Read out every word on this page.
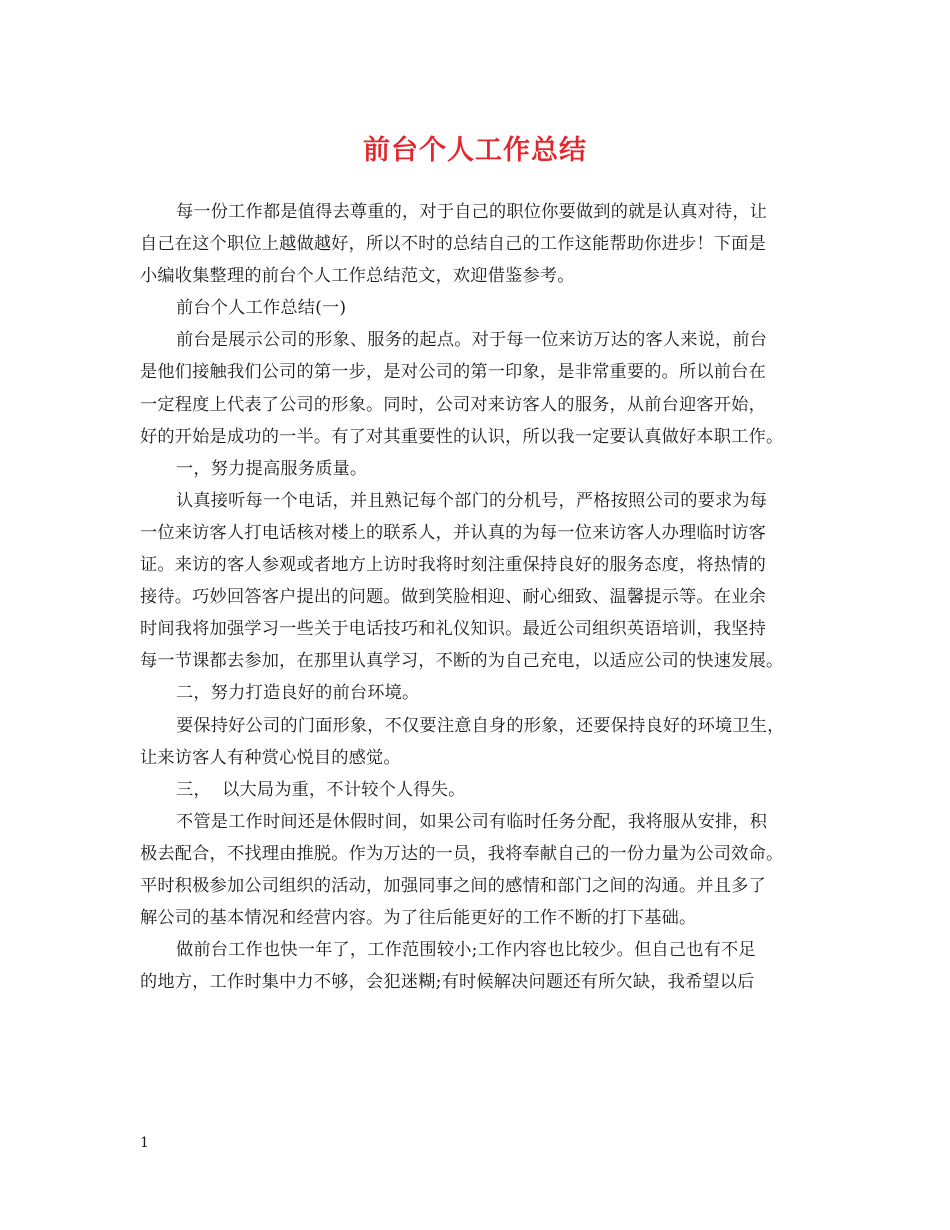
前台个人工作总结
每一份工作都是值得去尊重的，对于自己的职位你要做到的就是认真对待，让
自己在这个职位上越做越好，所以不时的总结自己的工作这能帮助你进步！下面是
小编收集整理的前台个人工作总结范文，欢迎借鉴参考。
前台个人工作总结(一)
前台是展示公司的形象、服务的起点。对于每一位来访万达的客人来说，前台
是他们接触我们公司的第一步，是对公司的第一印象，是非常重要的。所以前台在
一定程度上代表了公司的形象。同时，公司对来访客人的服务，从前台迎客开始，
好的开始是成功的一半。有了对其重要性的认识，所以我一定要认真做好本职工作。
一，努力提高服务质量。
认真接听每一个电话，并且熟记每个部门的分机号，严格按照公司的要求为每
一位来访客人打电话核对楼上的联系人，并认真的为每一位来访客人办理临时访客
证。来访的客人参观或者地方上访时我将时刻注重保持良好的服务态度，将热情的
接待。巧妙回答客户提出的问题。做到笑脸相迎、耐心细致、温馨提示等。在业余
时间我将加强学习一些关于电话技巧和礼仪知识。最近公司组织英语培训，我坚持
每一节课都去参加，在那里认真学习，不断的为自己充电，以适应公司的快速发展。
二，努力打造良好的前台环境。
要保持好公司的门面形象，不仅要注意自身的形象，还要保持良好的环境卫生，
让来访客人有种赏心悦目的感觉。
三，  以大局为重，不计较个人得失。
不管是工作时间还是休假时间，如果公司有临时任务分配，我将服从安排，积
极去配合，不找理由推脱。作为万达的一员，我将奉献自己的一份力量为公司效命。
平时积极参加公司组织的活动，加强同事之间的感情和部门之间的沟通。并且多了
解公司的基本情况和经营内容。为了往后能更好的工作不断的打下基础。
做前台工作也快一年了，工作范围较小;工作内容也比较少。但自己也有不足
的地方，工作时集中力不够，会犯迷糊;有时候解决问题还有所欠缺，我希望以后
1
